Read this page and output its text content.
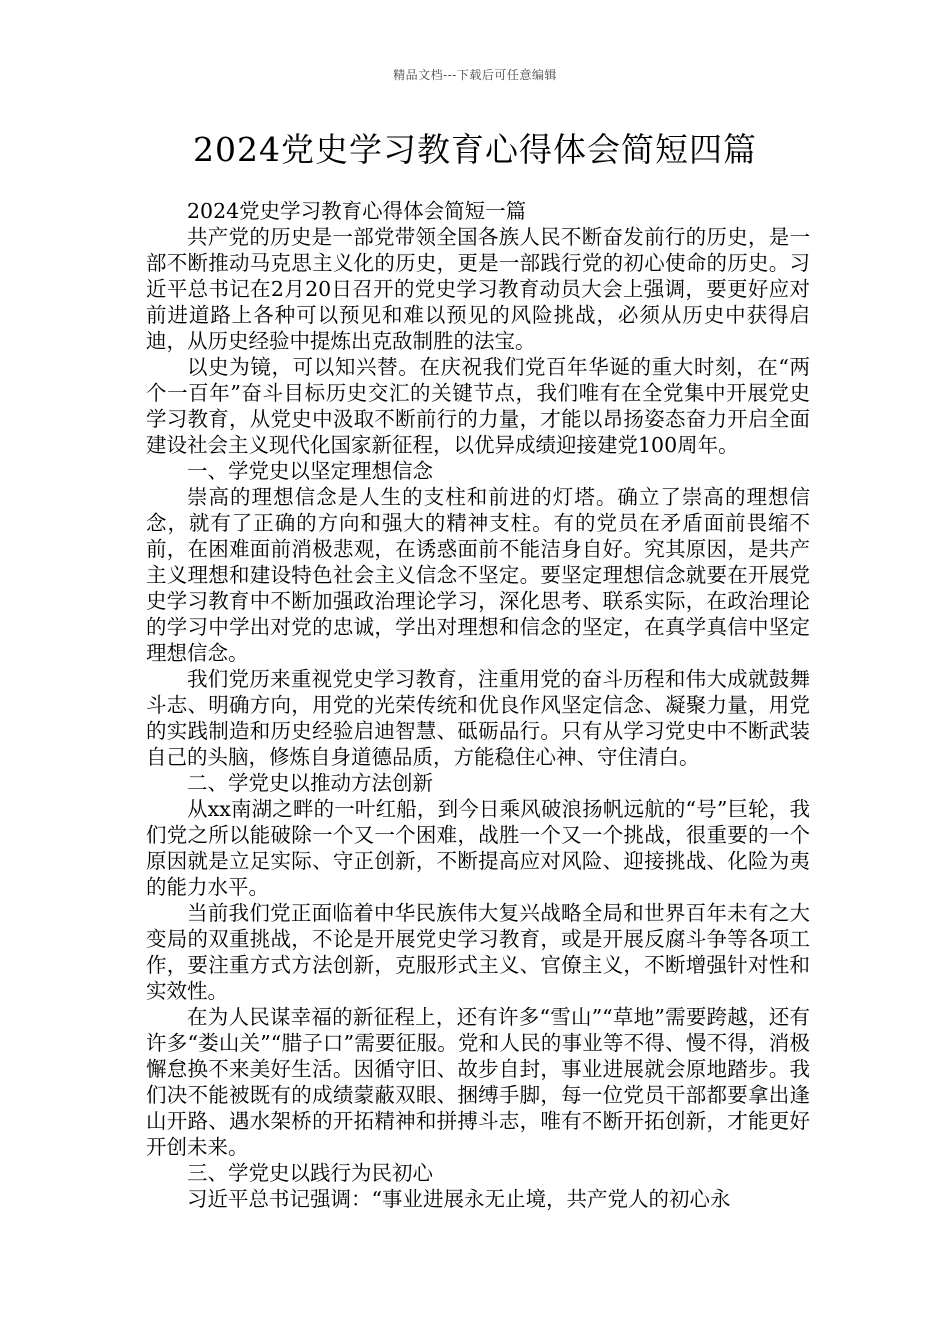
精品文档---下载后可任意编辑
2024党史学习教育心得体会简短四篇

2024党史学习教育心得体会简短一篇

共产党的历史是一部党带领全国各族人民不断奋发前行的历史，是一部不断推动马克思主义化的历史，更是一部践行党的初心使命的历史。习近平总书记在2月20日召开的党史学习教育动员大会上强调，要更好应对前进道路上各种可以预见和难以预见的风险挑战，必须从历史中获得启迪，从历史经验中提炼出克敌制胜的法宝。

以史为镜，可以知兴替。在庆祝我们党百年华诞的重大时刻，在“两个一百年”奋斗目标历史交汇的关键节点，我们唯有在全党集中开展党史学习教育，从党史中汲取不断前行的力量，才能以昂扬姿态奋力开启全面建设社会主义现代化国家新征程，以优异成绩迎接建党100周年。

一、学党史以坚定理想信念

崇高的理想信念是人生的支柱和前进的灯塔。确立了崇高的理想信念，就有了正确的方向和强大的精神支柱。有的党员在矛盾面前畏缩不前，在困难面前消极悲观，在诱惑面前不能洁身自好。究其原因，是共产主义理想和建设特色社会主义信念不坚定。要坚定理想信念就要在开展党史学习教育中不断加强政治理论学习，深化思考、联系实际，在政治理论的学习中学出对党的忠诚，学出对理想和信念的坚定，在真学真信中坚定理想信念。

我们党历来重视党史学习教育，注重用党的奋斗历程和伟大成就鼓舞斗志、明确方向，用党的光荣传统和优良作风坚定信念、凝聚力量，用党的实践制造和历史经验启迪智慧、砥砺品行。只有从学习党史中不断武装自己的头脑，修炼自身道德品质，方能稳住心神、守住清白。

二、学党史以推动方法创新

从xx南湖之畔的一叶红船，到今日乘风破浪扬帆远航的“号”巨轮，我们党之所以能破除一个又一个困难，战胜一个又一个挑战，很重要的一个原因就是立足实际、守正创新，不断提高应对风险、迎接挑战、化险为夷的能力水平。

当前我们党正面临着中华民族伟大复兴战略全局和世界百年未有之大变局的双重挑战，不论是开展党史学习教育，或是开展反腐斗争等各项工作，要注重方式方法创新，克服形式主义、官僚主义，不断增强针对性和实效性。

在为人民谋幸福的新征程上，还有许多“雪山”“草地”需要跨越，还有许多“娄山关”“腊子口”需要征服。党和人民的事业等不得、慢不得，消极懈怠换不来美好生活。因循守旧、故步自封，事业进展就会原地踏步。我们决不能被既有的成绩蒙蔽双眼、捆缚手脚，每一位党员干部都要拿出逢山开路、遇水架桥的开拓精神和拼搏斗志，唯有不断开拓创新，才能更好开创未来。

三、学党史以践行为民初心

习近平总书记强调：“事业进展永无止境，共产党人的初心永
